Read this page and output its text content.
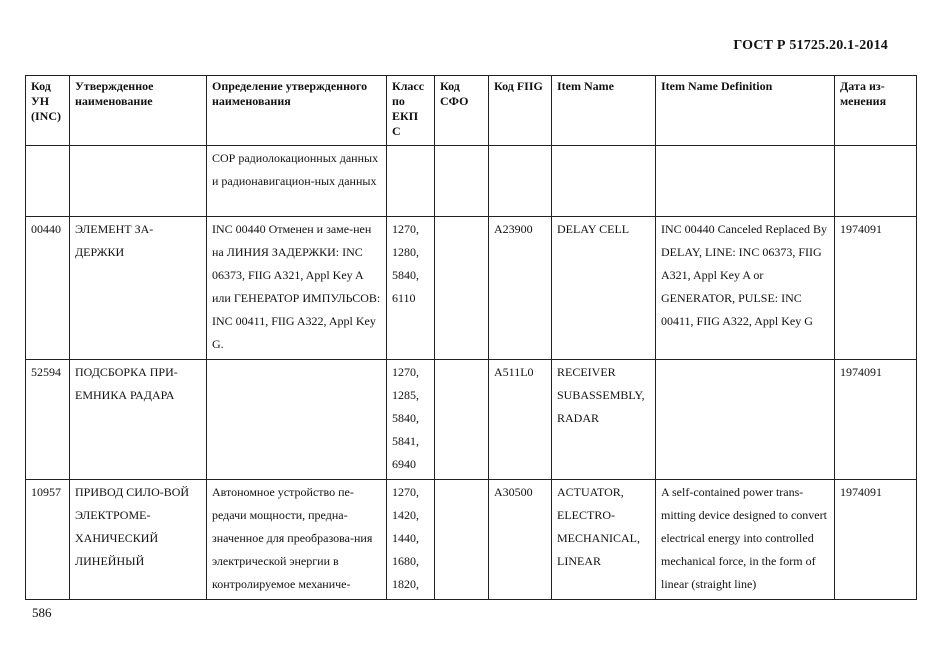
ГОСТ Р 51725.20.1-2014
Код УН (INC)	Утвержденное наименование	Определение утвержденного наименования	Класс по ЕКП С	Код СФО	Код FIIG	Item Name	Item Name Definition	Дата из-менения
		СОР радиолокационных данных и радионавигацион-ных данных						
00440	ЭЛЕМЕНТ ЗА-ДЕРЖКИ	INC 00440 Отменен и заме-нен на ЛИНИЯ ЗАДЕРЖКИ: INC 06373, FIIG A321, Appl Key A или ГЕНЕРАТОР ИМПУЛЬСОВ: INC 00411, FIIG A322, Appl Key G.	1270, 1280, 5840, 6110		A23900	DELAY CELL	INC 00440 Canceled Replaced By DELAY, LINE: INC 06373, FIIG A321, Appl Key A or GENERATOR, PULSE: INC 00411, FIIG A322, Appl Key G	1974091
52594	ПОДСБОРКА ПРИ-ЕМНИКА РАДАРА		1270, 1285, 5840, 5841, 6940		A511L0	RECEIVER SUBASSEMBLY, RADAR		1974091
10957	ПРИВОД СИЛО-ВОЙ ЭЛЕКТРОМЕ-ХАНИЧЕСКИЙ ЛИНЕЙНЫЙ	Автономное устройство пе-редачи мощности, предна-значенное для преобразова-ния электрической энергии в контролируемое механиче-	1270, 1420, 1440, 1680, 1820,		A30500	ACTUATOR, ELECTRO-MECHANICAL, LINEAR	A self-contained power trans-mitting device designed to convert electrical energy into controlled mechanical force, in the form of linear (straight line)	1974091
586
